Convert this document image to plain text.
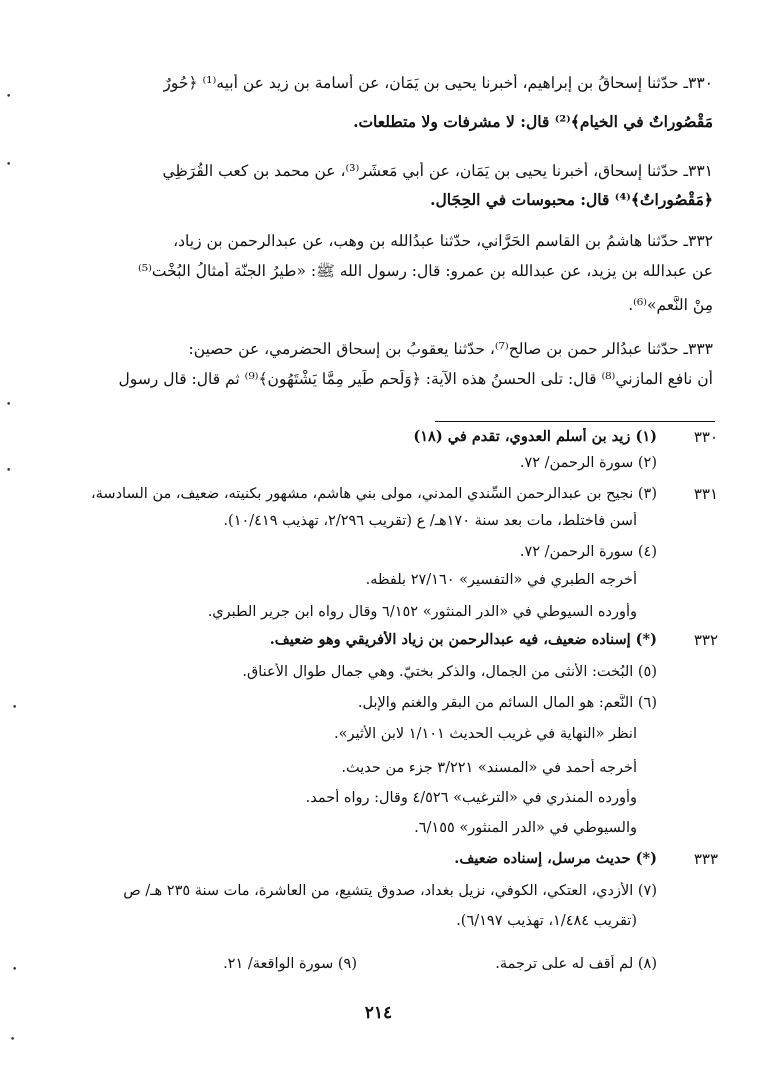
٣٣٠ـ حدّثنا إسحاقُ بن إبراهيم، أخبرنا يحيى بن يَمَان، عن أُسامة بن زيد عن أبيه⁽¹⁾ ﴿حُورٌ
مَقْصُوراتٌ في الخيام﴾⁽²⁾ قال: لا مشرفات ولا متطلعات.
٣٣١ـ حدّثنا إسحاق، أخبرنا يحيى بن يَمَان، عن أبي مَعشَر⁽³⁾، عن محمد بن كعب القُرَظِي
﴿مَقْصُوراتٌ﴾⁽⁴⁾ قال: محبوسات في الحِجَال.
٣٣٢ـ حدّثنا هاشمُ بن القاسم الحَرَّاني، حدّثنا عبدُالله بن وهب، عن عبدالرحمن بن زياد،
عن عبدالله بن يزيد، عن عبدالله بن عمرو: قال: رسول الله ﷺ: «طيرُ الجنّة أمثالُ البُخْت⁽⁵⁾
مِنْ النَّعم»⁽⁶⁾.
٣٣٣ـ حدّثنا عبدُالر حمن بن صالح⁽⁷⁾، حدّثنا يعقوبُ بن إسحاق الحضرمي، عن حصين:
أن نافع المازني⁽⁸⁾ قال: تلى الحسنُ هذه الآية: ﴿وَلَحم طَير مِمَّا يَشْتَهُون﴾⁽⁹⁾ ثم قال: قال رسول
٣٣٠
(١) زيد بن أسلم العدوي، تقدم في (١٨)
(٢) سورة الرحمن/ ٧٢.
٣٣١
(٣) نجيح بن عبدالرحمن السِّندي المدني، مولى بني هاشم، مشهور بكنيته، ضعيف، من السادسة،
أسن فاختلط، مات بعد سنة ١٧٠هـ/ ع (تقريب ٢/٢٩٦، تهذيب ١٠/٤١٩).
(٤) سورة الرحمن/ ٧٢.
أخرجه الطبري في «التفسير» ٢٧/١٦٠ بلفظه.
وأورده السيوطي في «الدر المنثور» ٦/١٥٢ وقال رواه ابن جرير الطبري.
٣٣٢
(*) إسناده ضعيف، فيه عبدالرحمن بن زياد الأفريقي وهو ضعيف.
(٥) البُخت: الأنثى من الجمال، والذكر بختيّ. وهي جمال طوال الأعناق.
(٦) النَّعم: هو المال السائم من البقر والغنم والإبل.
انظر «النهاية في غريب الحديث ١/١٠١ لابن الأثير».
أخرجه أحمد في «المسند» ٣/٢٢١ جزء من حديث.
وأورده المنذري في «الترغيب» ٤/٥٢٦ وقال: رواه أحمد.
والسيوطي في «الدر المنثور» ٦/١٥٥.
٣٣٣
(*) حديث مرسل، إسناده ضعيف.
(٧) الأزدي، العتكي، الكوفي، نزيل بغداد، صدوق يتشيع، من العاشرة، مات سنة ٢٣٥ هـ/ ص
(تقريب ١/٤٨٤، تهذيب ٦/١٩٧).
(٨) لم أقف له على ترجمة.
(٩) سورة الواقعة/ ٢١.
٢١٤
•
•
•
•
•
•
•
